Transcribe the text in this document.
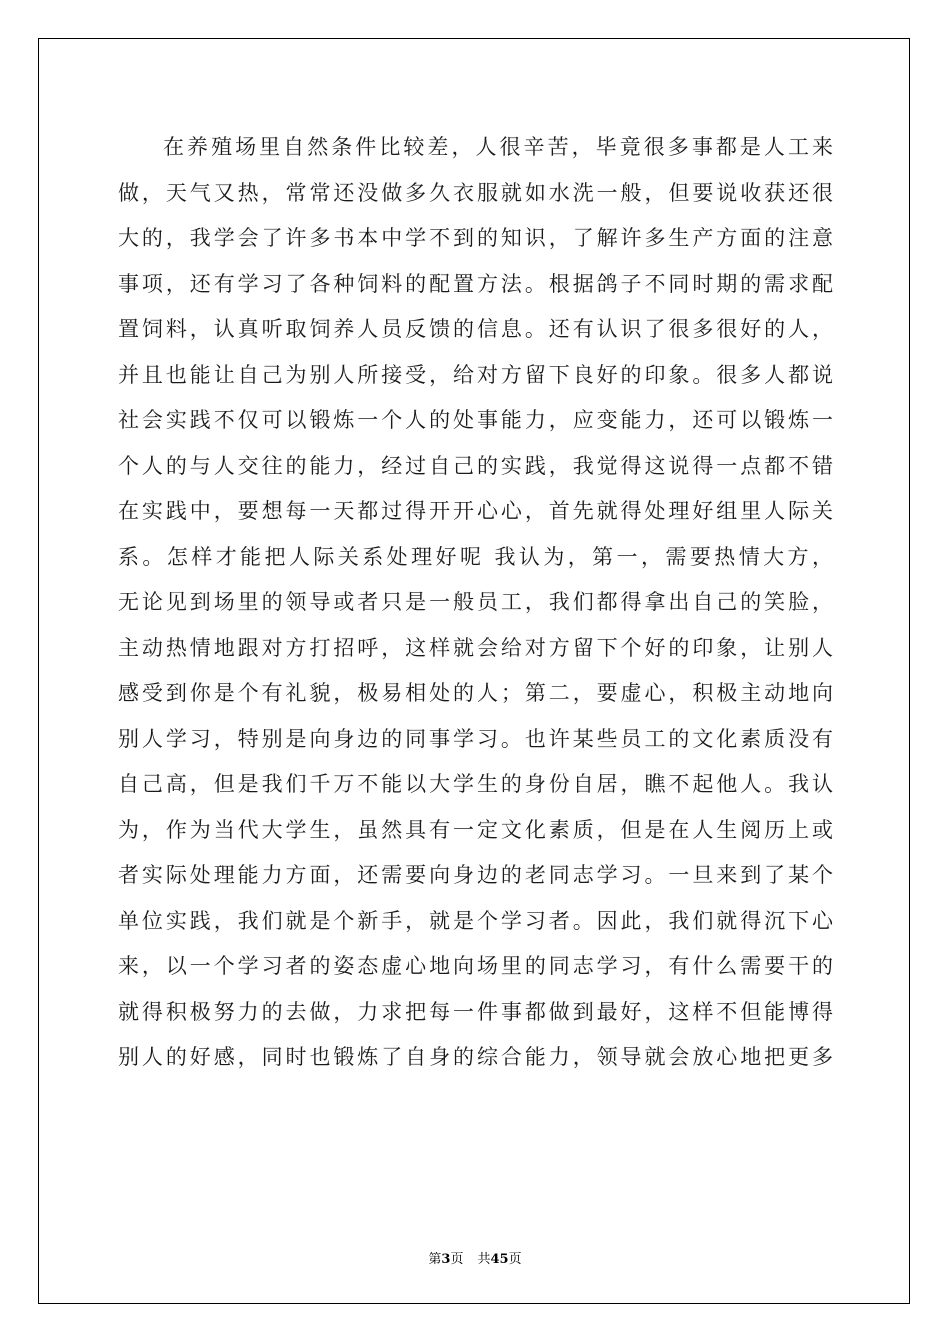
在养殖场里自然条件比较差，人很辛苦，毕竟很多事都是人工来
做，天气又热，常常还没做多久衣服就如水洗一般，但要说收获还很
大的，我学会了许多书本中学不到的知识，了解许多生产方面的注意
事项，还有学习了各种饲料的配置方法。根据鸽子不同时期的需求配
置饲料，认真听取饲养人员反馈的信息。还有认识了很多很好的人，
并且也能让自己为别人所接受，给对方留下良好的印象。很多人都说
社会实践不仅可以锻炼一个人的处事能力，应变能力，还可以锻炼一
个人的与人交往的能力，经过自己的实践，我觉得这说得一点都不错
在实践中，要想每一天都过得开开心心，首先就得处理好组里人际关
系。怎样才能把人际关系处理好呢 我认为，第一，需要热情大方，
无论见到场里的领导或者只是一般员工，我们都得拿出自己的笑脸，
主动热情地跟对方打招呼，这样就会给对方留下个好的印象，让别人
感受到你是个有礼貌，极易相处的人；第二，要虚心，积极主动地向
别人学习，特别是向身边的同事学习。也许某些员工的文化素质没有
自己高，但是我们千万不能以大学生的身份自居，瞧不起他人。我认
为，作为当代大学生，虽然具有一定文化素质，但是在人生阅历上或
者实际处理能力方面，还需要向身边的老同志学习。一旦来到了某个
单位实践，我们就是个新手，就是个学习者。因此，我们就得沉下心
来，以一个学习者的姿态虚心地向场里的同志学习，有什么需要干的
就得积极努力的去做，力求把每一件事都做到最好，这样不但能博得
别人的好感，同时也锻炼了自身的综合能力，领导就会放心地把更多
第3页 共45页
